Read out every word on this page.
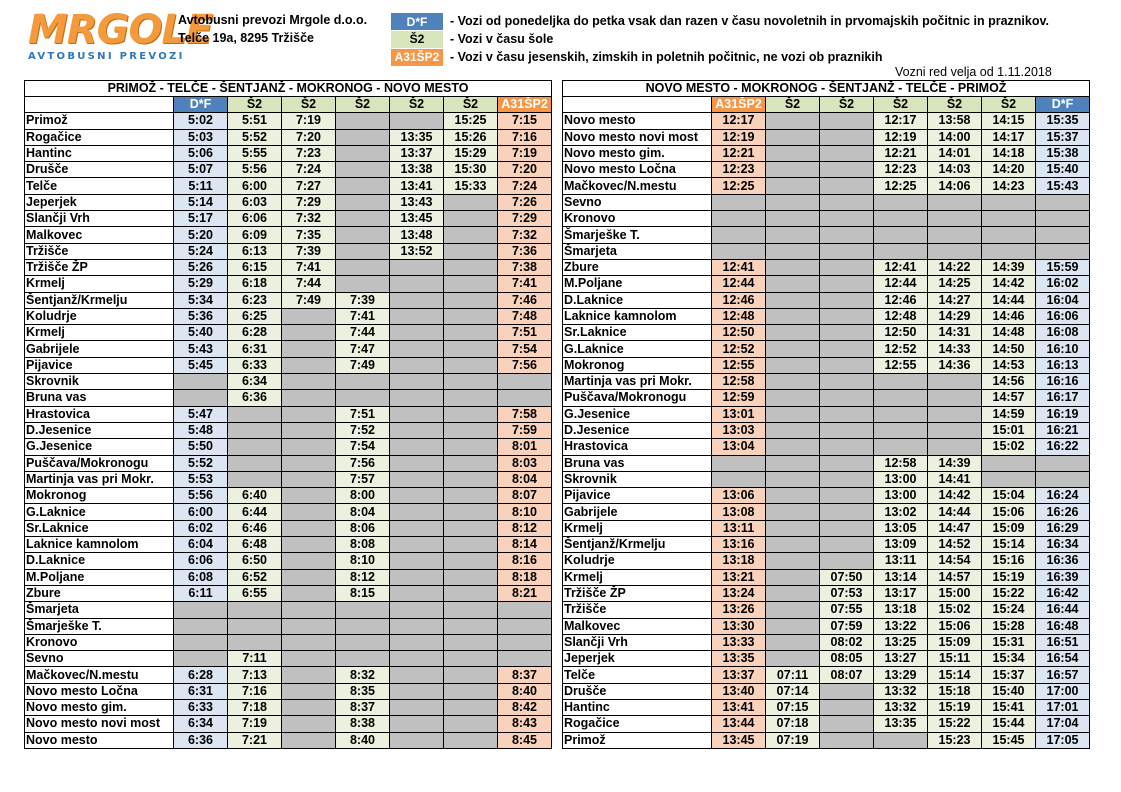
MRGOLE
AVTOBUSNI PREVOZI
Avtobusni prevozi Mrgole d.o.o.
Telče 19a, 8295 Tržišče
D*F	- Vozi od ponedeljka do petka vsak dan razen v času novoletnih in prvomajskih počitnic in praznikov.
Š2	- Vozi v času šole
A31ŠP2 - Vozi v času jesenskih, zimskih in poletnih počitnic, ne vozi ob praznikih
Vozni red velja od 1.11.2018
PRIMOŽ - TELČE - ŠENTJANŽ - MOKRONOG - NOVO MESTO							
	D*F	Š2	Š2	Š2	Š2	Š2	A31ŠP2
Primož	5:02	5:51	7:19			15:25	7:15
Rogačice	5:03	5:52	7:20		13:35	15:26	7:16
Hantinc	5:06	5:55	7:23		13:37	15:29	7:19
Drušče	5:07	5:56	7:24		13:38	15:30	7:20
Telče	5:11	6:00	7:27		13:41	15:33	7:24
Jeperjek	5:14	6:03	7:29		13:43		7:26
Slančji Vrh	5:17	6:06	7:32		13:45		7:29
Malkovec	5:20	6:09	7:35		13:48		7:32
Tržišče	5:24	6:13	7:39		13:52		7:36
Tržišče ŽP	5:26	6:15	7:41				7:38
Krmelj	5:29	6:18	7:44				7:41
Šentjanž/Krmelju	5:34	6:23	7:49	7:39			7:46
Koludrje	5:36	6:25		7:41			7:48
Krmelj	5:40	6:28		7:44			7:51
Gabrijele	5:43	6:31		7:47			7:54
Pijavice	5:45	6:33		7:49			7:56
Skrovnik		6:34					
Bruna vas		6:36					
Hrastovica	5:47			7:51			7:58
D.Jesenice	5:48			7:52			7:59
G.Jesenice	5:50			7:54			8:01
Puščava/Mokronogu	5:52			7:56			8:03
Martinja vas pri Mokr.	5:53			7:57			8:04
Mokronog	5:56	6:40		8:00			8:07
G.Laknice	6:00	6:44		8:04			8:10
Sr.Laknice	6:02	6:46		8:06			8:12
Laknice kamnolom	6:04	6:48		8:08			8:14
D.Laknice	6:06	6:50		8:10			8:16
M.Poljane	6:08	6:52		8:12			8:18
Zbure	6:11	6:55		8:15			8:21
Šmarjeta							
Šmarješke T.							
Kronovo							
Sevno		7:11					
Mačkovec/N.mestu	6:28	7:13		8:32			8:37
Novo mesto Ločna	6:31	7:16		8:35			8:40
Novo mesto gim.	6:33	7:18		8:37			8:42
Novo mesto novi most	6:34	7:19		8:38			8:43
Novo mesto	6:36	7:21		8:40			8:45
NOVO MESTO - MOKRONOG - ŠENTJANŽ - TELČE - PRIMOŽ							
	A31ŠP2	Š2	Š2	Š2	Š2	Š2	D*F
Novo mesto	12:17			12:17	13:58	14:15	15:35
Novo mesto novi most	12:19			12:19	14:00	14:17	15:37
Novo mesto gim.	12:21			12:21	14:01	14:18	15:38
Novo mesto Ločna	12:23			12:23	14:03	14:20	15:40
Mačkovec/N.mestu	12:25			12:25	14:06	14:23	15:43
Sevno							
Kronovo							
Šmarješke T.							
Šmarjeta							
Zbure	12:41			12:41	14:22	14:39	15:59
M.Poljane	12:44			12:44	14:25	14:42	16:02
D.Laknice	12:46			12:46	14:27	14:44	16:04
Laknice kamnolom	12:48			12:48	14:29	14:46	16:06
Sr.Laknice	12:50			12:50	14:31	14:48	16:08
G.Laknice	12:52			12:52	14:33	14:50	16:10
Mokronog	12:55			12:55	14:36	14:53	16:13
Martinja vas pri Mokr.	12:58					14:56	16:16
Puščava/Mokronogu	12:59					14:57	16:17
G.Jesenice	13:01					14:59	16:19
D.Jesenice	13:03					15:01	16:21
Hrastovica	13:04					15:02	16:22
Bruna vas				12:58	14:39		
Skrovnik				13:00	14:41		
Pijavice	13:06			13:00	14:42	15:04	16:24
Gabrijele	13:08			13:02	14:44	15:06	16:26
Krmelj	13:11			13:05	14:47	15:09	16:29
Šentjanž/Krmelju	13:16			13:09	14:52	15:14	16:34
Koludrje	13:18			13:11	14:54	15:16	16:36
Krmelj	13:21		07:50	13:14	14:57	15:19	16:39
Tržišče ŽP	13:24		07:53	13:17	15:00	15:22	16:42
Tržišče	13:26		07:55	13:18	15:02	15:24	16:44
Malkovec	13:30		07:59	13:22	15:06	15:28	16:48
Slančji Vrh	13:33		08:02	13:25	15:09	15:31	16:51
Jeperjek	13:35		08:05	13:27	15:11	15:34	16:54
Telče	13:37	07:11	08:07	13:29	15:14	15:37	16:57
Drušče	13:40	07:14		13:32	15:18	15:40	17:00
Hantinc	13:41	07:15		13:32	15:19	15:41	17:01
Rogačice	13:44	07:18		13:35	15:22	15:44	17:04
Primož	13:45	07:19			15:23	15:45	17:05
